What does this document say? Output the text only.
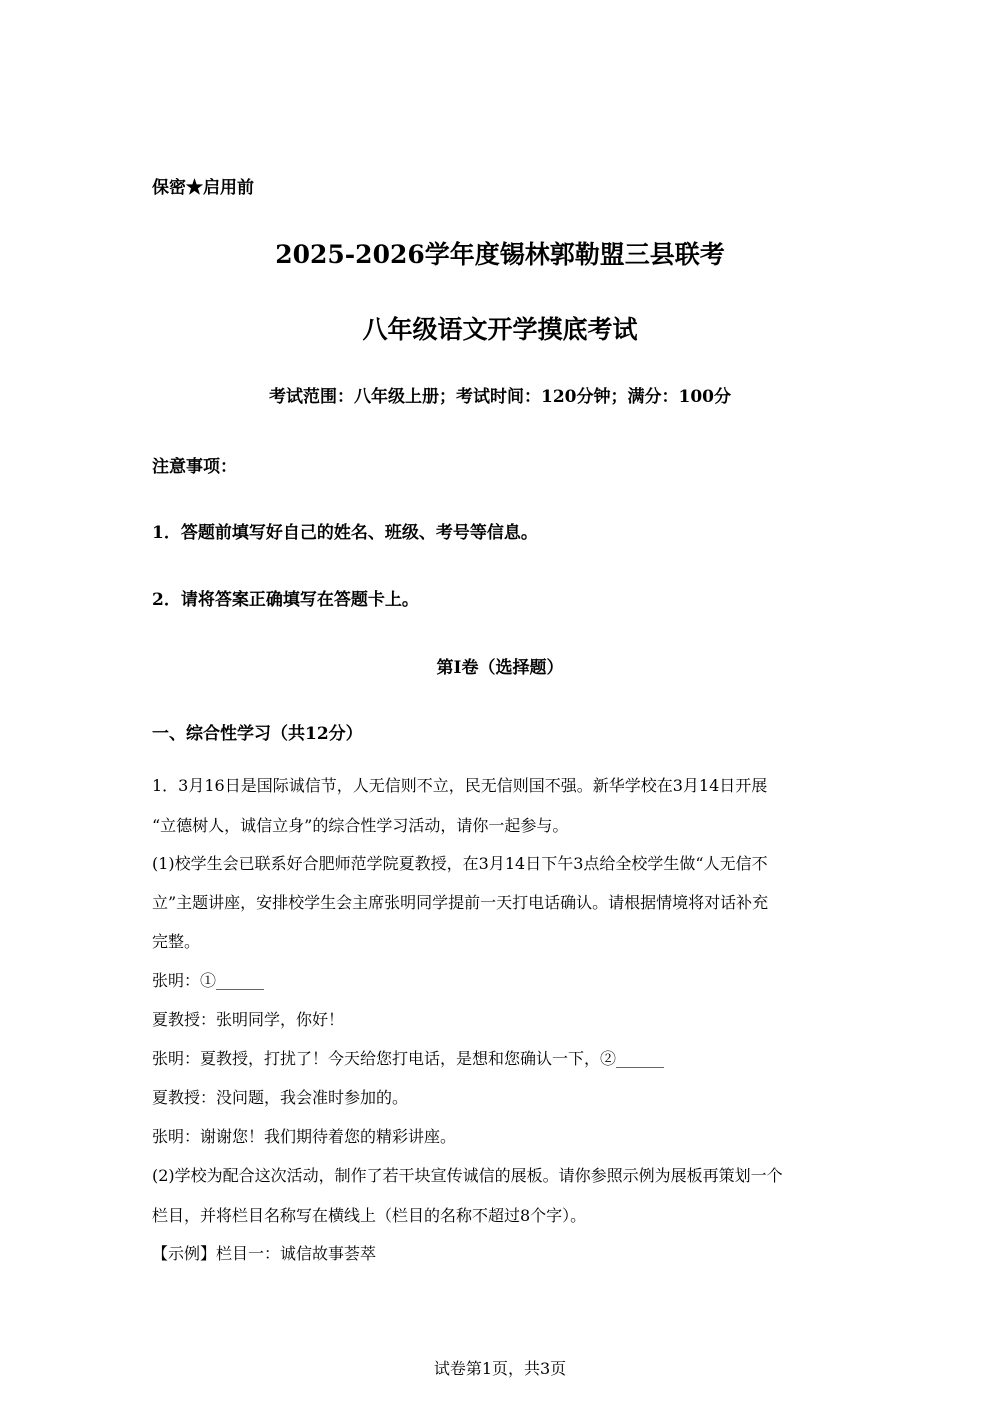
保密★启用前
2025-2026学年度锡林郭勒盟三县联考
八年级语文开学摸底考试
考试范围：八年级上册；考试时间：120分钟；满分：100分
注意事项：
1．答题前填写好自己的姓名、班级、考号等信息。
2．请将答案正确填写在答题卡上。
第I卷（选择题）
一、综合性学习（共12分）
1．3月16日是国际诚信节，人无信则不立，民无信则国不强。新华学校在3月14日开展
“立德树人，诚信立身”的综合性学习活动，请你一起参与。
(1)校学生会已联系好合肥师范学院夏教授，在3月14日下午3点给全校学生做“人无信不
立”主题讲座，安排校学生会主席张明同学提前一天打电话确认。请根据情境将对话补充
完整。
张明：①______
夏教授：张明同学，你好！
张明：夏教授，打扰了！今天给您打电话，是想和您确认一下，②______
夏教授：没问题，我会准时参加的。
张明：谢谢您！我们期待着您的精彩讲座。
(2)学校为配合这次活动，制作了若干块宣传诚信的展板。请你参照示例为展板再策划一个
栏目，并将栏目名称写在横线上（栏目的名称不超过8个字）。
【示例】栏目一：诚信故事荟萃
试卷第1页，共3页
